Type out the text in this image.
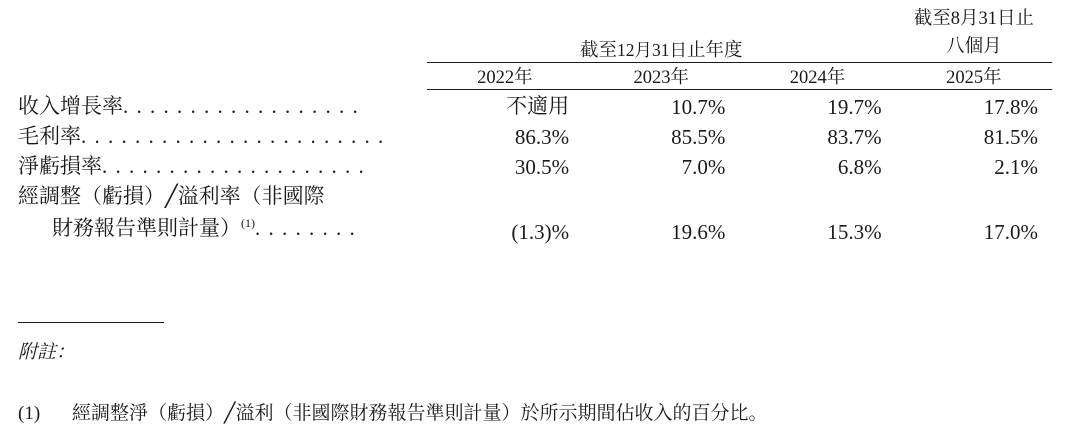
	截至12月31日止年度			截至8月31日止
八個月

	2022年	2023年	2024年	2025年

收入增長率. . . . . . . . . . . . . . . . . .	不適用	10.7%	19.7%	17.8%
毛利率. . . . . . . . . . . . . . . . . . . . . . .	86.3%	85.5%	83.7%	81.5%
淨虧損率. . . . . . . . . . . . . . . . . . . .	30.5%	7.0%	6.8%	2.1%

經調整（虧損）╱溢利率（非國際
財務報告準則計量）$^{(1)}$. . . . . . . .	(1.3)%	19.6%	15.3%	17.0%
附註：
(1) 經調整淨（虧損）╱溢利（非國際財務報告準則計量）於所示期間佔收入的百分比。
